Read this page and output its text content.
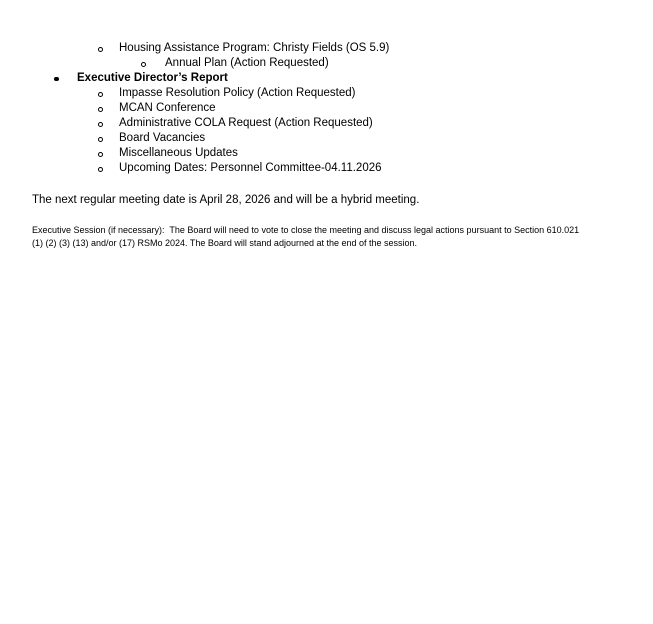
Housing Assistance Program: Christy Fields (OS 5.9)
Annual Plan (Action Requested)
Executive Director’s Report
Impasse Resolution Policy (Action Requested)
MCAN Conference
Administrative COLA Request (Action Requested)
Board Vacancies
Miscellaneous Updates
Upcoming Dates: Personnel Committee-04.11.2026
The next regular meeting date is April 28, 2026 and will be a hybrid meeting.
Executive Session (if necessary):  The Board will need to vote to close the meeting and discuss legal actions pursuant to Section 610.021 (1) (2) (3) (13) and/or (17) RSMo 2024. The Board will stand adjourned at the end of the session.
